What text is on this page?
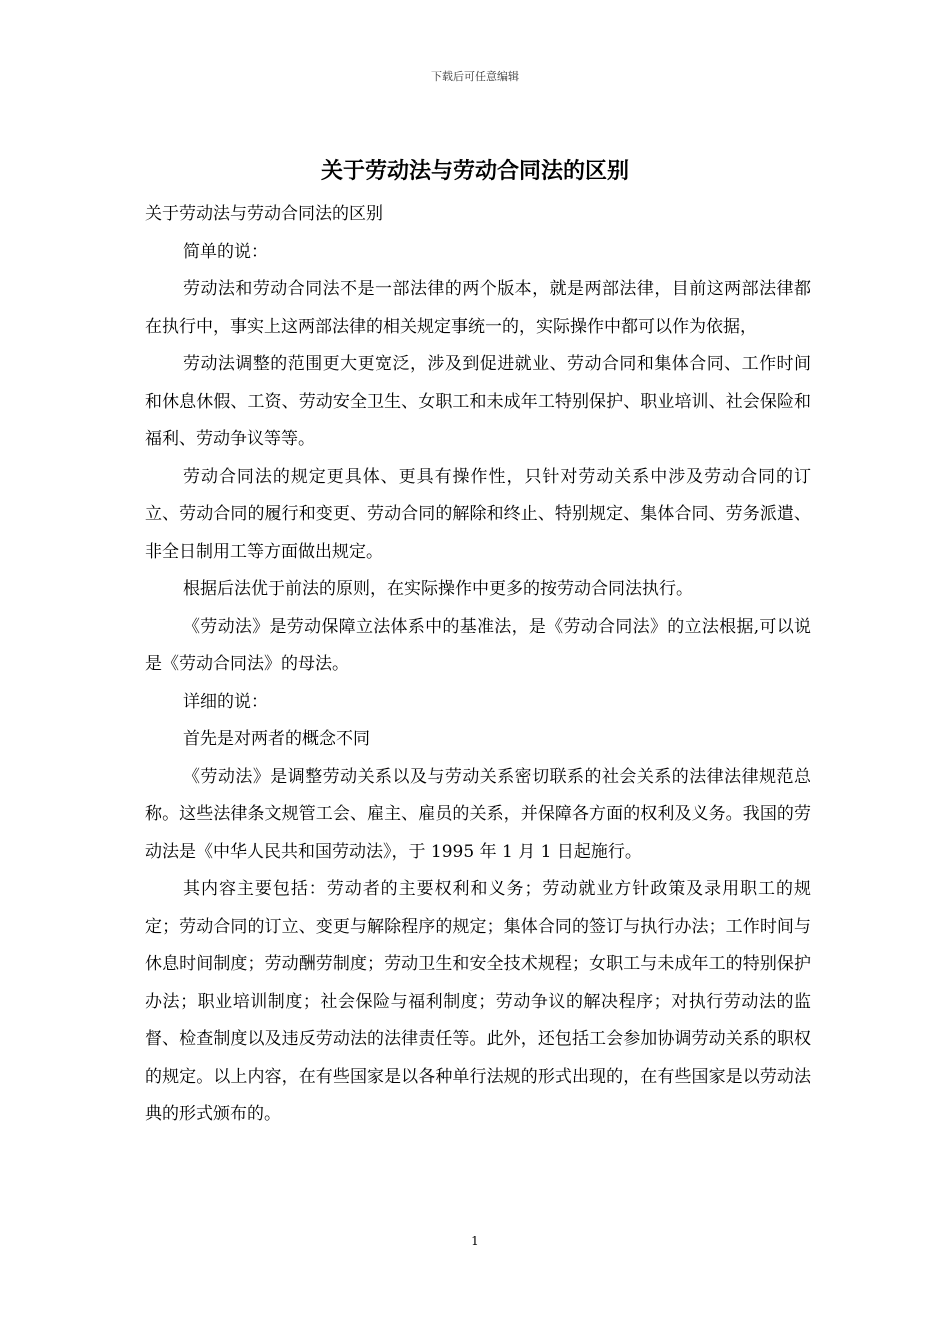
下载后可任意编辑
关于劳动法与劳动合同法的区别

关于劳动法与劳动合同法的区别

简单的说：

劳动法和劳动合同法不是一部法律的两个版本，就是两部法律，目前这两部法律都在执行中，事实上这两部法律的相关规定事统一的，实际操作中都可以作为依据，

劳动法调整的范围更大更宽泛，涉及到促进就业、劳动合同和集体合同、工作时间和休息休假、工资、劳动安全卫生、女职工和未成年工特别保护、职业培训、社会保险和福利、劳动争议等等。

劳动合同法的规定更具体、更具有操作性，只针对劳动关系中涉及劳动合同的订立、劳动合同的履行和变更、劳动合同的解除和终止、特别规定、集体合同、劳务派遣、非全日制用工等方面做出规定。

根据后法优于前法的原则，在实际操作中更多的按劳动合同法执行。

《劳动法》是劳动保障立法体系中的基准法，是《劳动合同法》的立法根据,可以说是《劳动合同法》的母法。

详细的说：

首先是对两者的概念不同

《劳动法》是调整劳动关系以及与劳动关系密切联系的社会关系的法律法律规范总称。这些法律条文规管工会、雇主、雇员的关系，并保障各方面的权利及义务。我国的劳动法是《中华人民共和国劳动法》，于 1995 年 1 月 1 日起施行。

其内容主要包括：劳动者的主要权利和义务；劳动就业方针政策及录用职工的规定；劳动合同的订立、变更与解除程序的规定；集体合同的签订与执行办法；工作时间与休息时间制度；劳动酬劳制度；劳动卫生和安全技术规程；女职工与未成年工的特别保护办法；职业培训制度；社会保险与福利制度；劳动争议的解决程序；对执行劳动法的监督、检查制度以及违反劳动法的法律责任等。此外，还包括工会参加协调劳动关系的职权的规定。以上内容，在有些国家是以各种单行法规的形式出现的，在有些国家是以劳动法典的形式颁布的。

1
